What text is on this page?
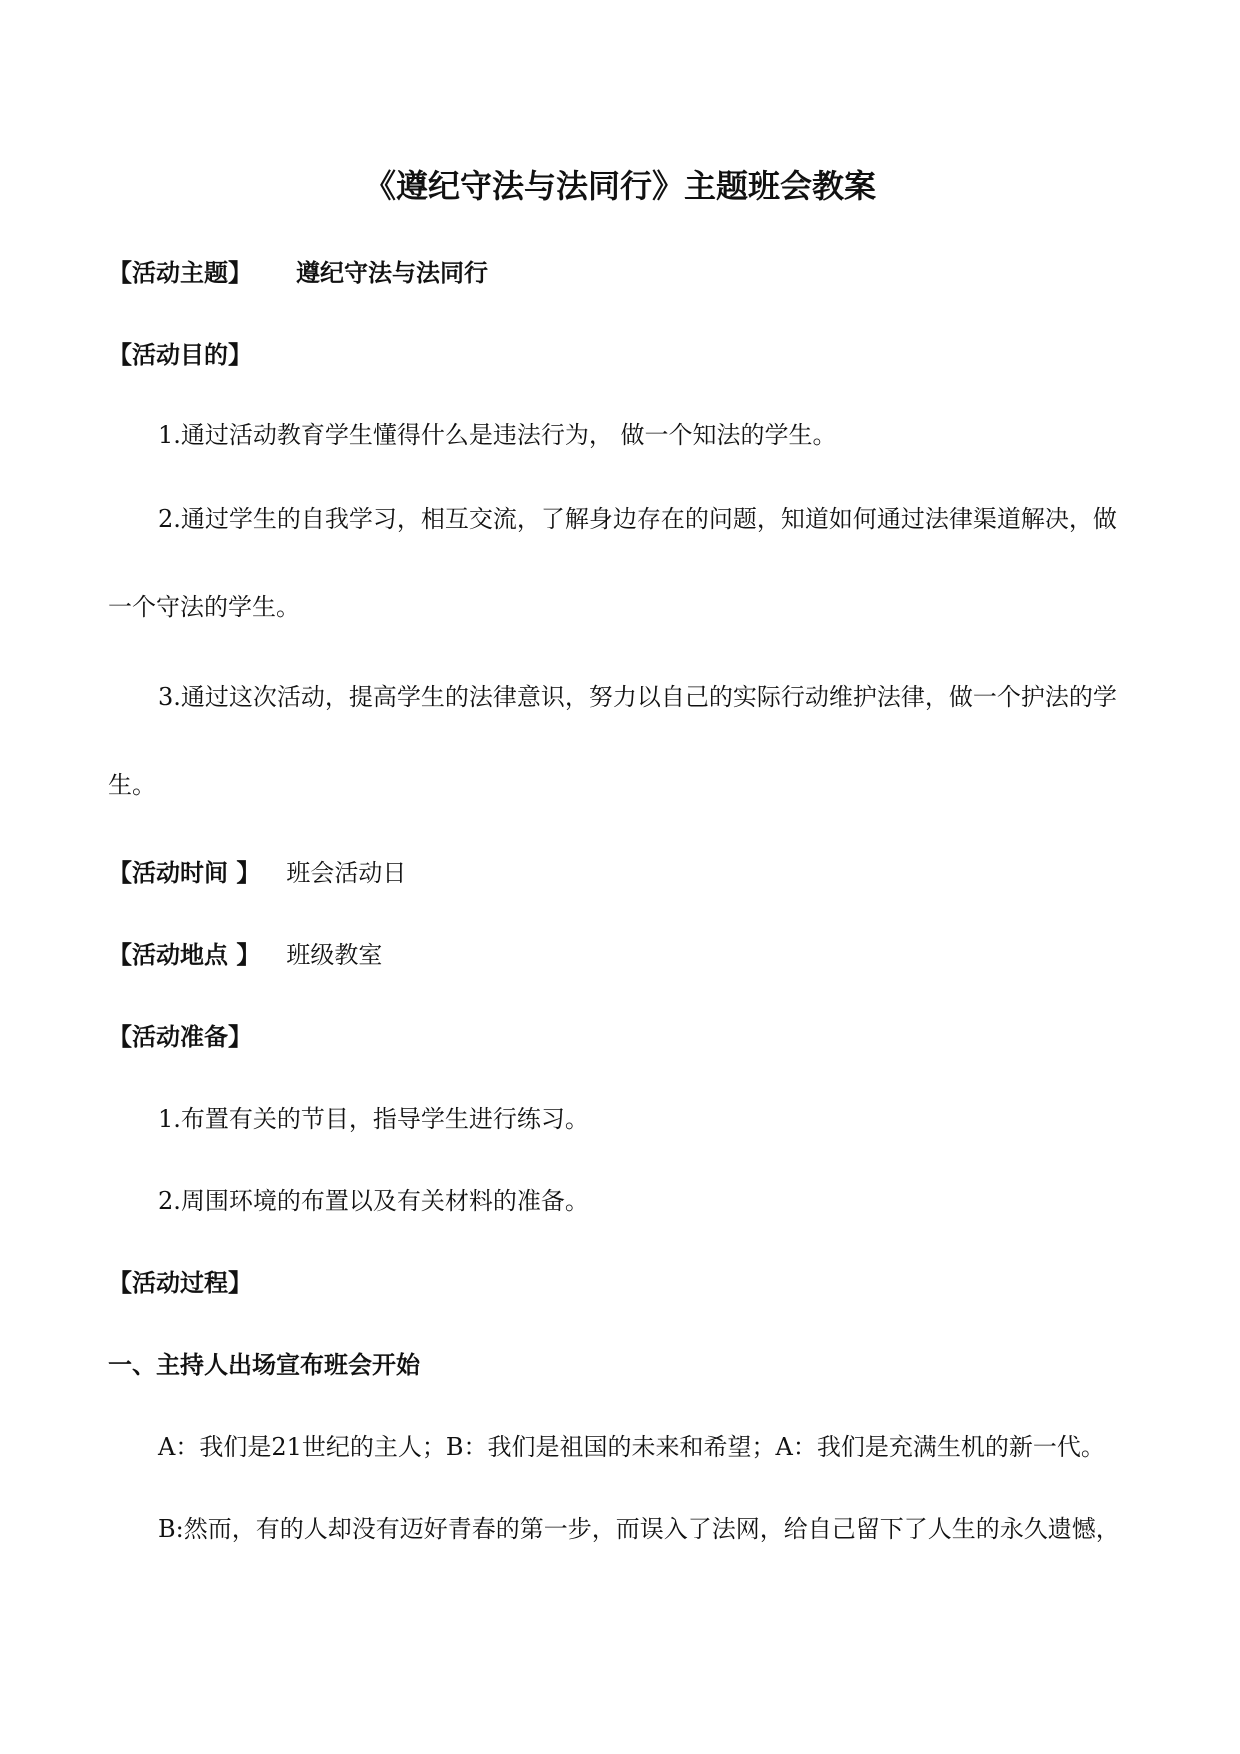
《遵纪守法与法同行》主题班会教案
【活动主题】 遵纪守法与法同行
【活动目的】
1.通过活动教育学生懂得什么是违法行为， 做一个知法的学生。
2.通过学生的自我学习，相互交流，了解身边存在的问题，知道如何通过法律渠道解决，做
一个守法的学生。
3.通过这次活动，提高学生的法律意识，努力以自己的实际行动维护法律，做一个护法的学
生。
【活动时间 】 班会活动日
【活动地点 】 班级教室
【活动准备】
1.布置有关的节目，指导学生进行练习。
2.周围环境的布置以及有关材料的准备。
【活动过程】
一、主持人出场宣布班会开始
A：我们是21世纪的主人；B：我们是祖国的未来和希望；A：我们是充满生机的新一代。
B:然而，有的人却没有迈好青春的第一步，而误入了法网，给自己留下了人生的永久遗憾，
